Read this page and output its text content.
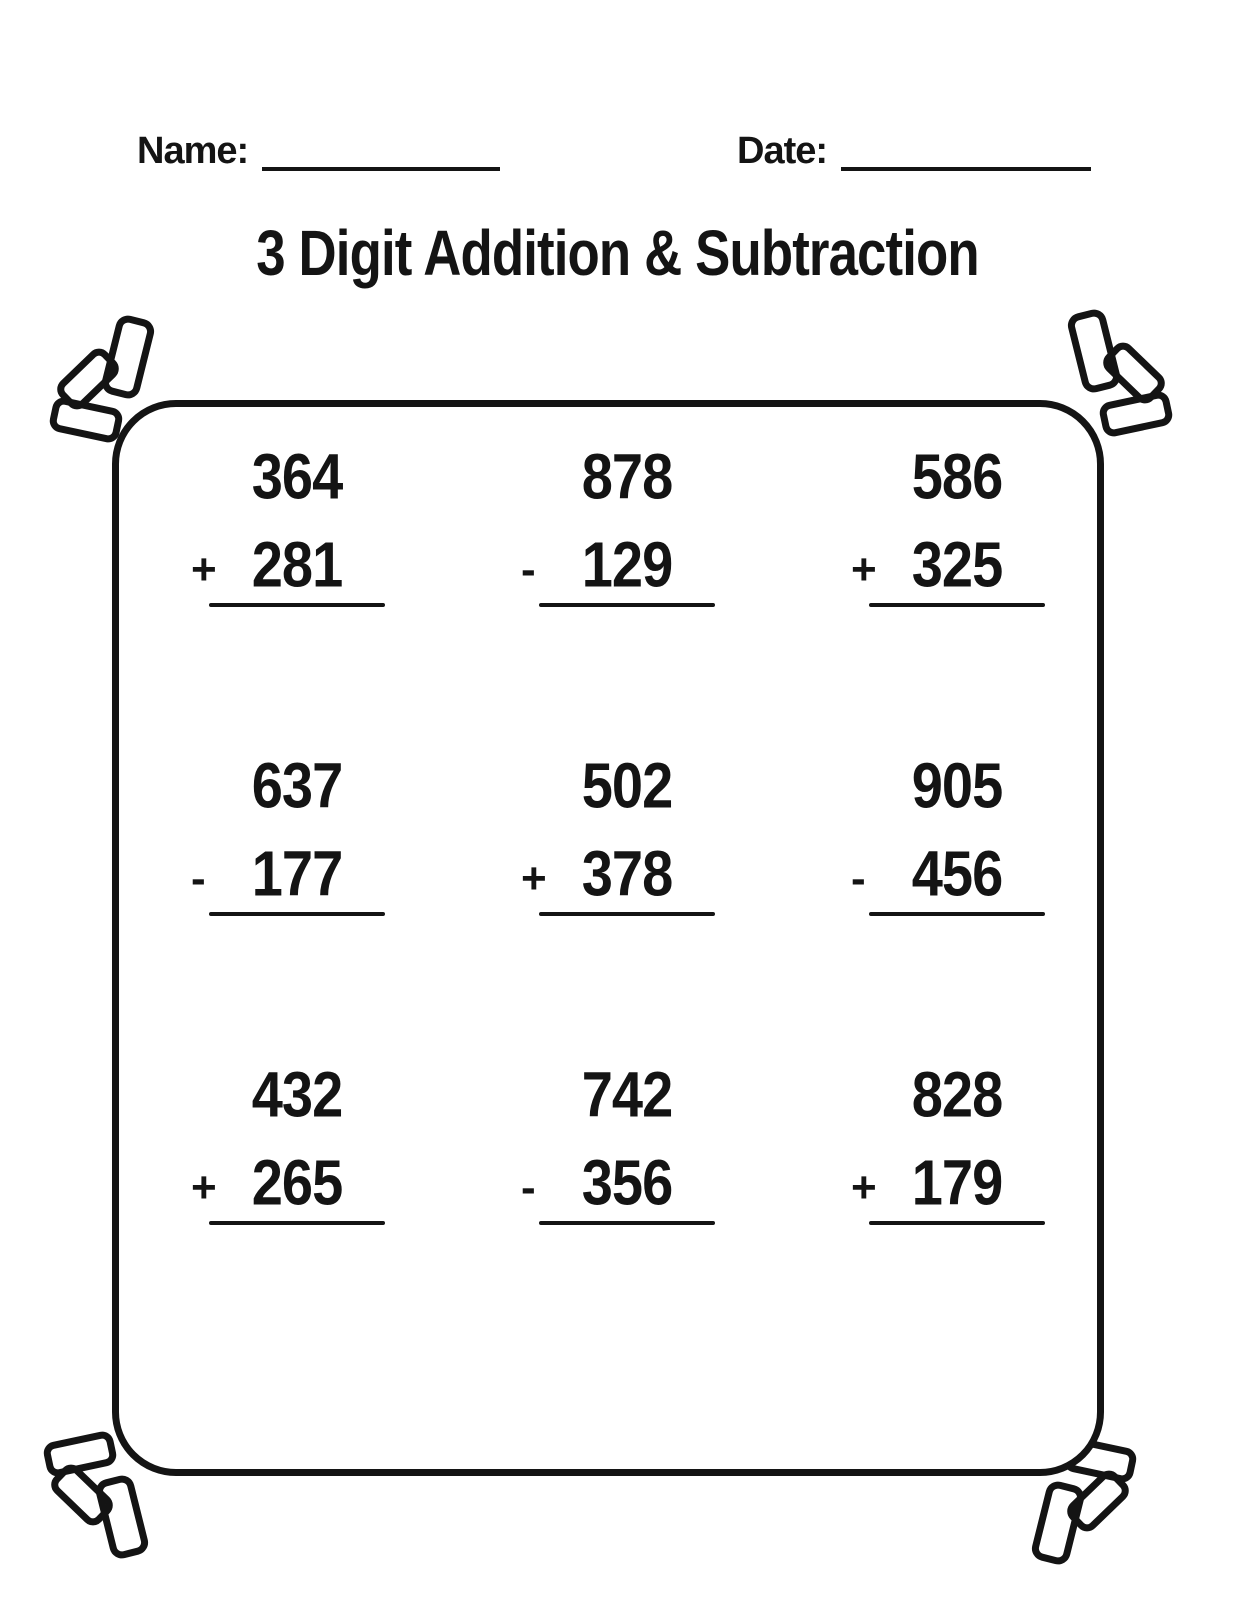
Name:	Date:
3 Digit Addition & Subtraction
364
+ 281
878
- 129
586
+ 325
637
- 177
502
+ 378
905
- 456
432
+ 265
742
- 356
828
+ 179
